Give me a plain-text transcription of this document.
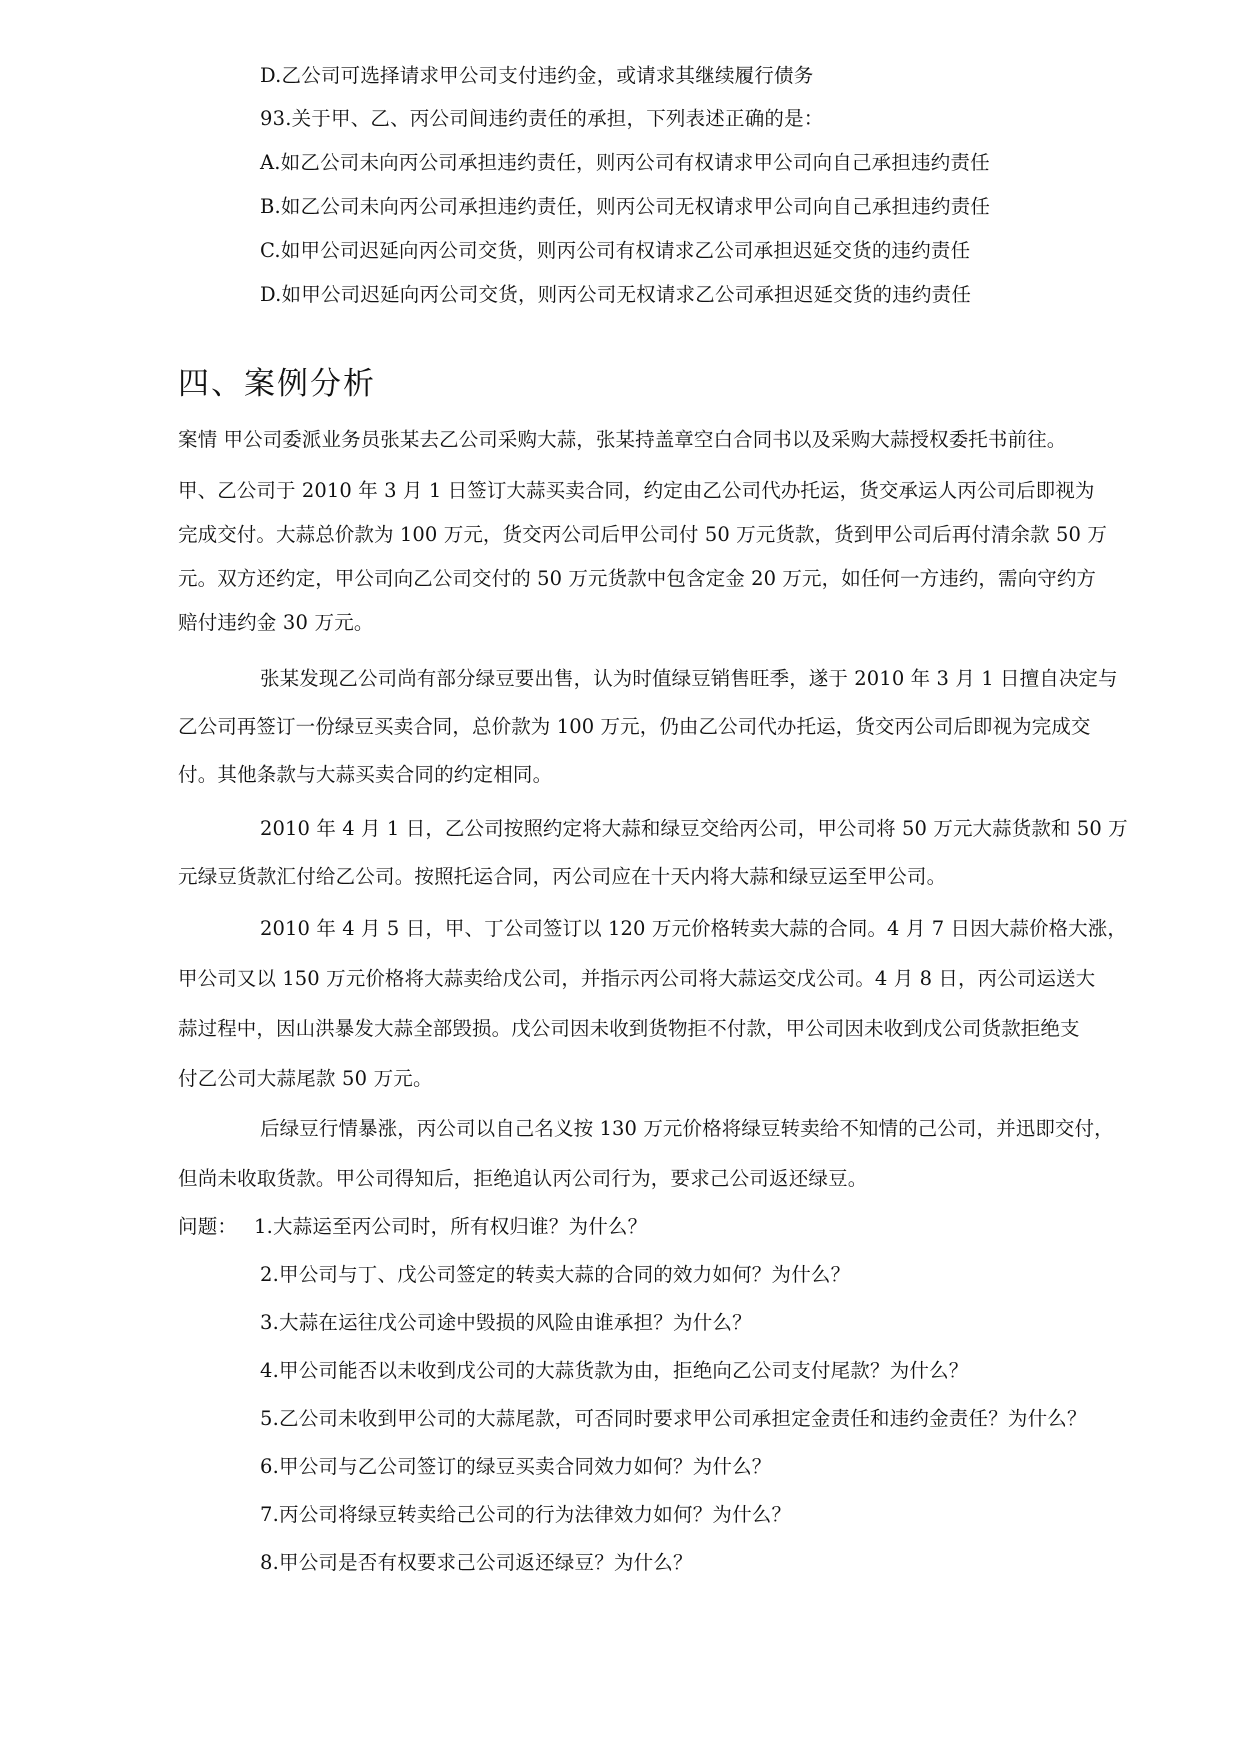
D.乙公司可选择请求甲公司支付违约金，或请求其继续履行债务
93.关于甲、乙、丙公司间违约责任的承担，下列表述正确的是：
A.如乙公司未向丙公司承担违约责任，则丙公司有权请求甲公司向自己承担违约责任
B.如乙公司未向丙公司承担违约责任，则丙公司无权请求甲公司向自己承担违约责任
C.如甲公司迟延向丙公司交货，则丙公司有权请求乙公司承担迟延交货的违约责任
D.如甲公司迟延向丙公司交货，则丙公司无权请求乙公司承担迟延交货的违约责任
四、案例分析
案情 甲公司委派业务员张某去乙公司采购大蒜，张某持盖章空白合同书以及采购大蒜授权委托书前往。
甲、乙公司于 2010 年 3 月 1 日签订大蒜买卖合同，约定由乙公司代办托运，货交承运人丙公司后即视为
完成交付。大蒜总价款为 100 万元，货交丙公司后甲公司付 50 万元货款，货到甲公司后再付清余款 50 万
元。双方还约定，甲公司向乙公司交付的 50 万元货款中包含定金 20 万元，如任何一方违约，需向守约方
赔付违约金 30 万元。
张某发现乙公司尚有部分绿豆要出售，认为时值绿豆销售旺季，遂于 2010 年 3 月 1 日擅自决定与
乙公司再签订一份绿豆买卖合同，总价款为 100 万元，仍由乙公司代办托运，货交丙公司后即视为完成交
付。其他条款与大蒜买卖合同的约定相同。
2010 年 4 月 1 日，乙公司按照约定将大蒜和绿豆交给丙公司，甲公司将 50 万元大蒜货款和 50 万
元绿豆货款汇付给乙公司。按照托运合同，丙公司应在十天内将大蒜和绿豆运至甲公司。
2010 年 4 月 5 日，甲、丁公司签订以 120 万元价格转卖大蒜的合同。4 月 7 日因大蒜价格大涨，
甲公司又以 150 万元价格将大蒜卖给戊公司，并指示丙公司将大蒜运交戊公司。4 月 8 日，丙公司运送大
蒜过程中，因山洪暴发大蒜全部毁损。戊公司因未收到货物拒不付款，甲公司因未收到戊公司货款拒绝支
付乙公司大蒜尾款 50 万元。
后绿豆行情暴涨，丙公司以自己名义按 130 万元价格将绿豆转卖给不知情的己公司，并迅即交付，
但尚未收取货款。甲公司得知后，拒绝追认丙公司行为，要求己公司返还绿豆。
问题： 1.大蒜运至丙公司时，所有权归谁？为什么？
2.甲公司与丁、戊公司签定的转卖大蒜的合同的效力如何？为什么？
3.大蒜在运往戊公司途中毁损的风险由谁承担？为什么？
4.甲公司能否以未收到戊公司的大蒜货款为由，拒绝向乙公司支付尾款？为什么？
5.乙公司未收到甲公司的大蒜尾款，可否同时要求甲公司承担定金责任和违约金责任？为什么？
6.甲公司与乙公司签订的绿豆买卖合同效力如何？为什么？
7.丙公司将绿豆转卖给己公司的行为法律效力如何？为什么？
8.甲公司是否有权要求己公司返还绿豆？为什么？
